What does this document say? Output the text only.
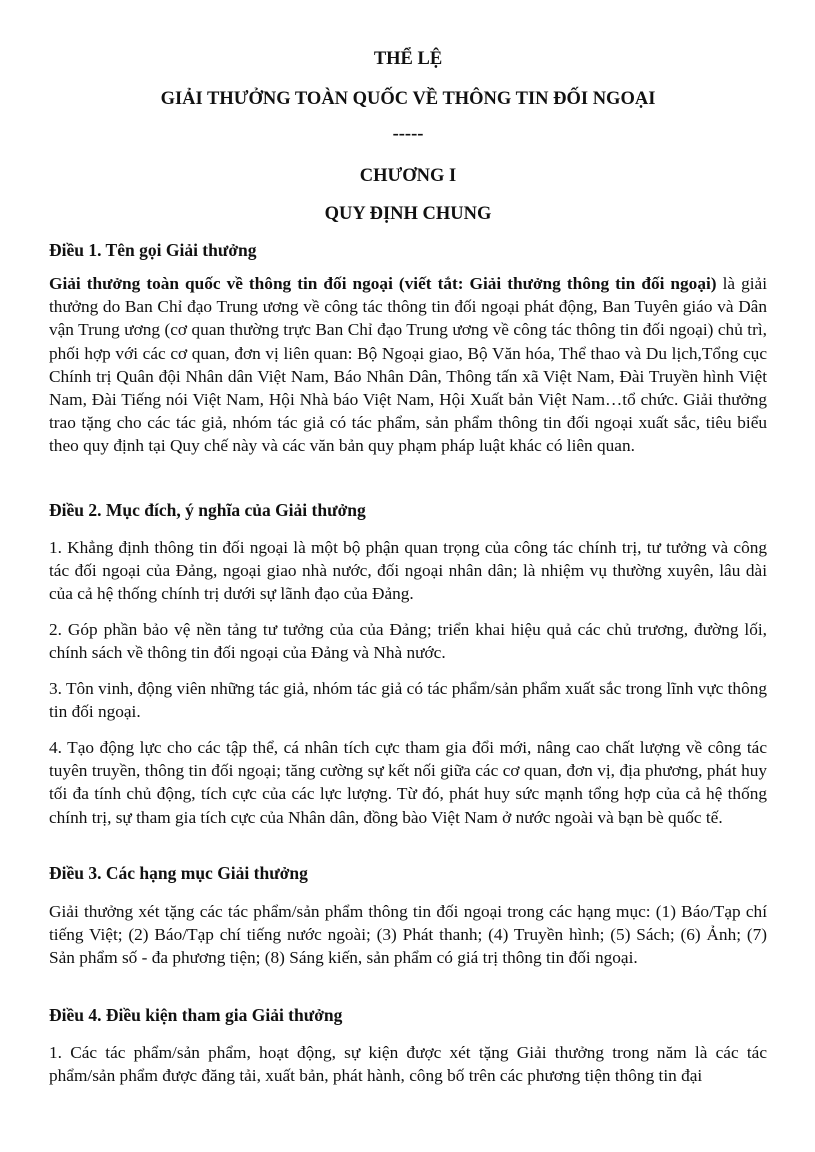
THỂ LỆ
GIẢI THƯỞNG TOÀN QUỐC VỀ THÔNG TIN ĐỐI NGOẠI
-----
CHƯƠNG I
QUY ĐỊNH CHUNG
Điều 1. Tên gọi Giải thưởng
Giải thưởng toàn quốc về thông tin đối ngoại (viết tắt: Giải thưởng thông tin đối ngoại) là giải thưởng do Ban Chỉ đạo Trung ương về công tác thông tin đối ngoại phát động, Ban Tuyên giáo và Dân vận Trung ương (cơ quan thường trực Ban Chỉ đạo Trung ương về công tác thông tin đối ngoại) chủ trì, phối hợp với các cơ quan, đơn vị liên quan: Bộ Ngoại giao, Bộ Văn hóa, Thể thao và Du lịch,Tổng cục Chính trị Quân đội Nhân dân Việt Nam, Báo Nhân Dân, Thông tấn xã Việt Nam, Đài Truyền hình Việt Nam, Đài Tiếng nói Việt Nam, Hội Nhà báo Việt Nam, Hội Xuất bản Việt Nam…tổ chức. Giải thưởng trao tặng cho các tác giả, nhóm tác giả có tác phẩm, sản phẩm thông tin đối ngoại xuất sắc, tiêu biểu theo quy định tại Quy chế này và các văn bản quy phạm pháp luật khác có liên quan.
Điều 2. Mục đích, ý nghĩa của Giải thưởng
1. Khẳng định thông tin đối ngoại là một bộ phận quan trọng của công tác chính trị, tư tưởng và công tác đối ngoại của Đảng, ngoại giao nhà nước, đối ngoại nhân dân; là nhiệm vụ thường xuyên, lâu dài của cả hệ thống chính trị dưới sự lãnh đạo của Đảng.
2. Góp phần bảo vệ nền tảng tư tưởng của của Đảng; triển khai hiệu quả các chủ trương, đường lối, chính sách về thông tin đối ngoại của Đảng và Nhà nước.
3. Tôn vinh, động viên những tác giả, nhóm tác giả có tác phẩm/sản phẩm xuất sắc trong lĩnh vực thông tin đối ngoại.
4. Tạo động lực cho các tập thể, cá nhân tích cực tham gia đổi mới, nâng cao chất lượng về công tác tuyên truyền, thông tin đối ngoại; tăng cường sự kết nối giữa các cơ quan, đơn vị, địa phương, phát huy tối đa tính chủ động, tích cực của các lực lượng. Từ đó, phát huy sức mạnh tổng hợp của cả hệ thống chính trị, sự tham gia tích cực của Nhân dân, đồng bào Việt Nam ở nước ngoài và bạn bè quốc tế.
Điều 3. Các hạng mục Giải thưởng
Giải thưởng xét tặng các tác phẩm/sản phẩm thông tin đối ngoại trong các hạng mục: (1) Báo/Tạp chí tiếng Việt; (2) Báo/Tạp chí tiếng nước ngoài; (3) Phát thanh; (4) Truyền hình; (5) Sách; (6) Ảnh; (7) Sản phẩm số - đa phương tiện; (8) Sáng kiến, sản phẩm có giá trị thông tin đối ngoại.
Điều 4. Điều kiện tham gia Giải thưởng
1. Các tác phẩm/sản phẩm, hoạt động, sự kiện được xét tặng Giải thưởng trong năm là các tác phẩm/sản phẩm được đăng tải, xuất bản, phát hành, công bố trên các phương tiện thông tin đại
